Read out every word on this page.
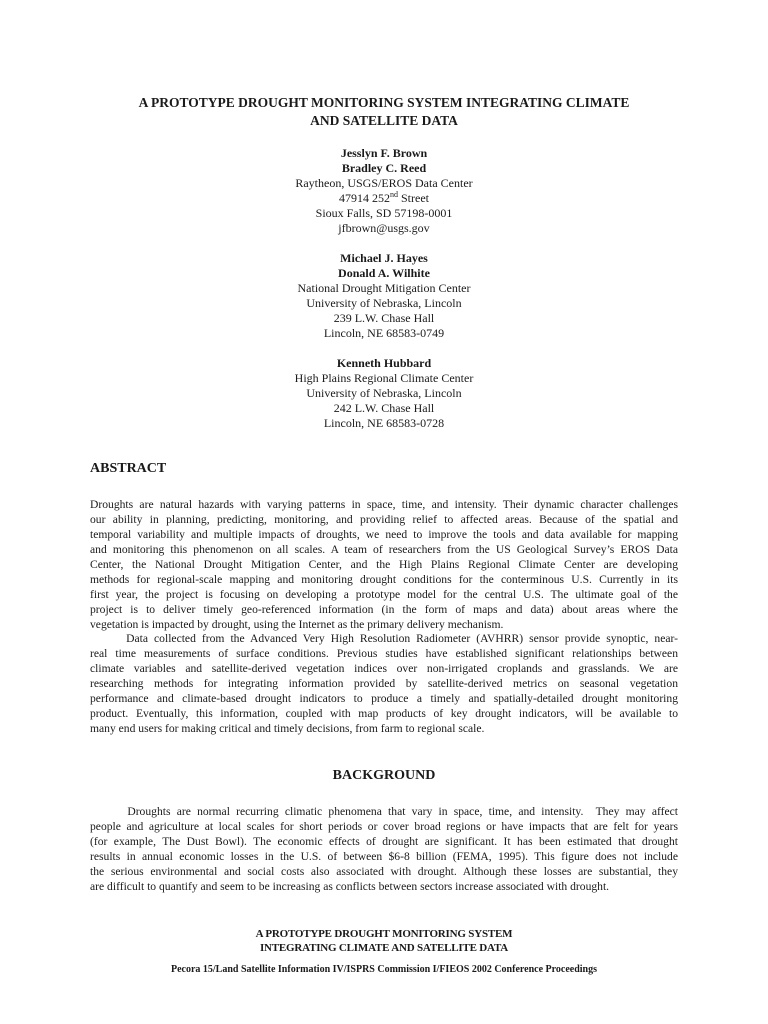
A PROTOTYPE DROUGHT MONITORING SYSTEM INTEGRATING CLIMATE
AND SATELLITE DATA
Jesslyn F. Brown
Bradley C. Reed
Raytheon, USGS/EROS Data Center
47914 252nd Street
Sioux Falls, SD 57198-0001
jfbrown@usgs.gov
Michael J. Hayes
Donald A. Wilhite
National Drought Mitigation Center
University of Nebraska, Lincoln
239 L.W. Chase Hall
Lincoln, NE 68583-0749
Kenneth Hubbard
High Plains Regional Climate Center
University of Nebraska, Lincoln
242 L.W. Chase Hall
Lincoln, NE 68583-0728
ABSTRACT
Droughts are natural hazards with varying patterns in space, time, and intensity. Their dynamic character challenges
our ability in planning, predicting, monitoring, and providing relief to affected areas. Because of the spatial and
temporal variability and multiple impacts of droughts, we need to improve the tools and data available for mapping
and monitoring this phenomenon on all scales. A team of researchers from the US Geological Survey’s EROS Data
Center, the National Drought Mitigation Center, and the High Plains Regional Climate Center are developing
methods for regional-scale mapping and monitoring drought conditions for the conterminous U.S. Currently in its
first year, the project is focusing on developing a prototype model for the central U.S. The ultimate goal of the
project is to deliver timely geo-referenced information (in the form of maps and data) about areas where the
vegetation is impacted by drought, using the Internet as the primary delivery mechanism.
Data collected from the Advanced Very High Resolution Radiometer (AVHRR) sensor provide synoptic, near-
real time measurements of surface conditions. Previous studies have established significant relationships between
climate variables and satellite-derived vegetation indices over non-irrigated croplands and grasslands. We are
researching methods for integrating information provided by satellite-derived metrics on seasonal vegetation
performance and climate-based drought indicators to produce a timely and spatially-detailed drought monitoring
product. Eventually, this information, coupled with map products of key drought indicators, will be available to
many end users for making critical and timely decisions, from farm to regional scale.
BACKGROUND
Droughts are normal recurring climatic phenomena that vary in space, time, and intensity.  They may affect
people and agriculture at local scales for short periods or cover broad regions or have impacts that are felt for years
(for example, The Dust Bowl). The economic effects of drought are significant. It has been estimated that drought
results in annual economic losses in the U.S. of between $6-8 billion (FEMA, 1995). This figure does not include
the serious environmental and social costs also associated with drought. Although these losses are substantial, they
are difficult to quantify and seem to be increasing as conflicts between sectors increase associated with drought.
A PROTOTYPE DROUGHT MONITORING SYSTEM
INTEGRATING CLIMATE AND SATELLITE DATA
Pecora 15/Land Satellite Information IV/ISPRS Commission I/FIEOS 2002 Conference Proceedings
